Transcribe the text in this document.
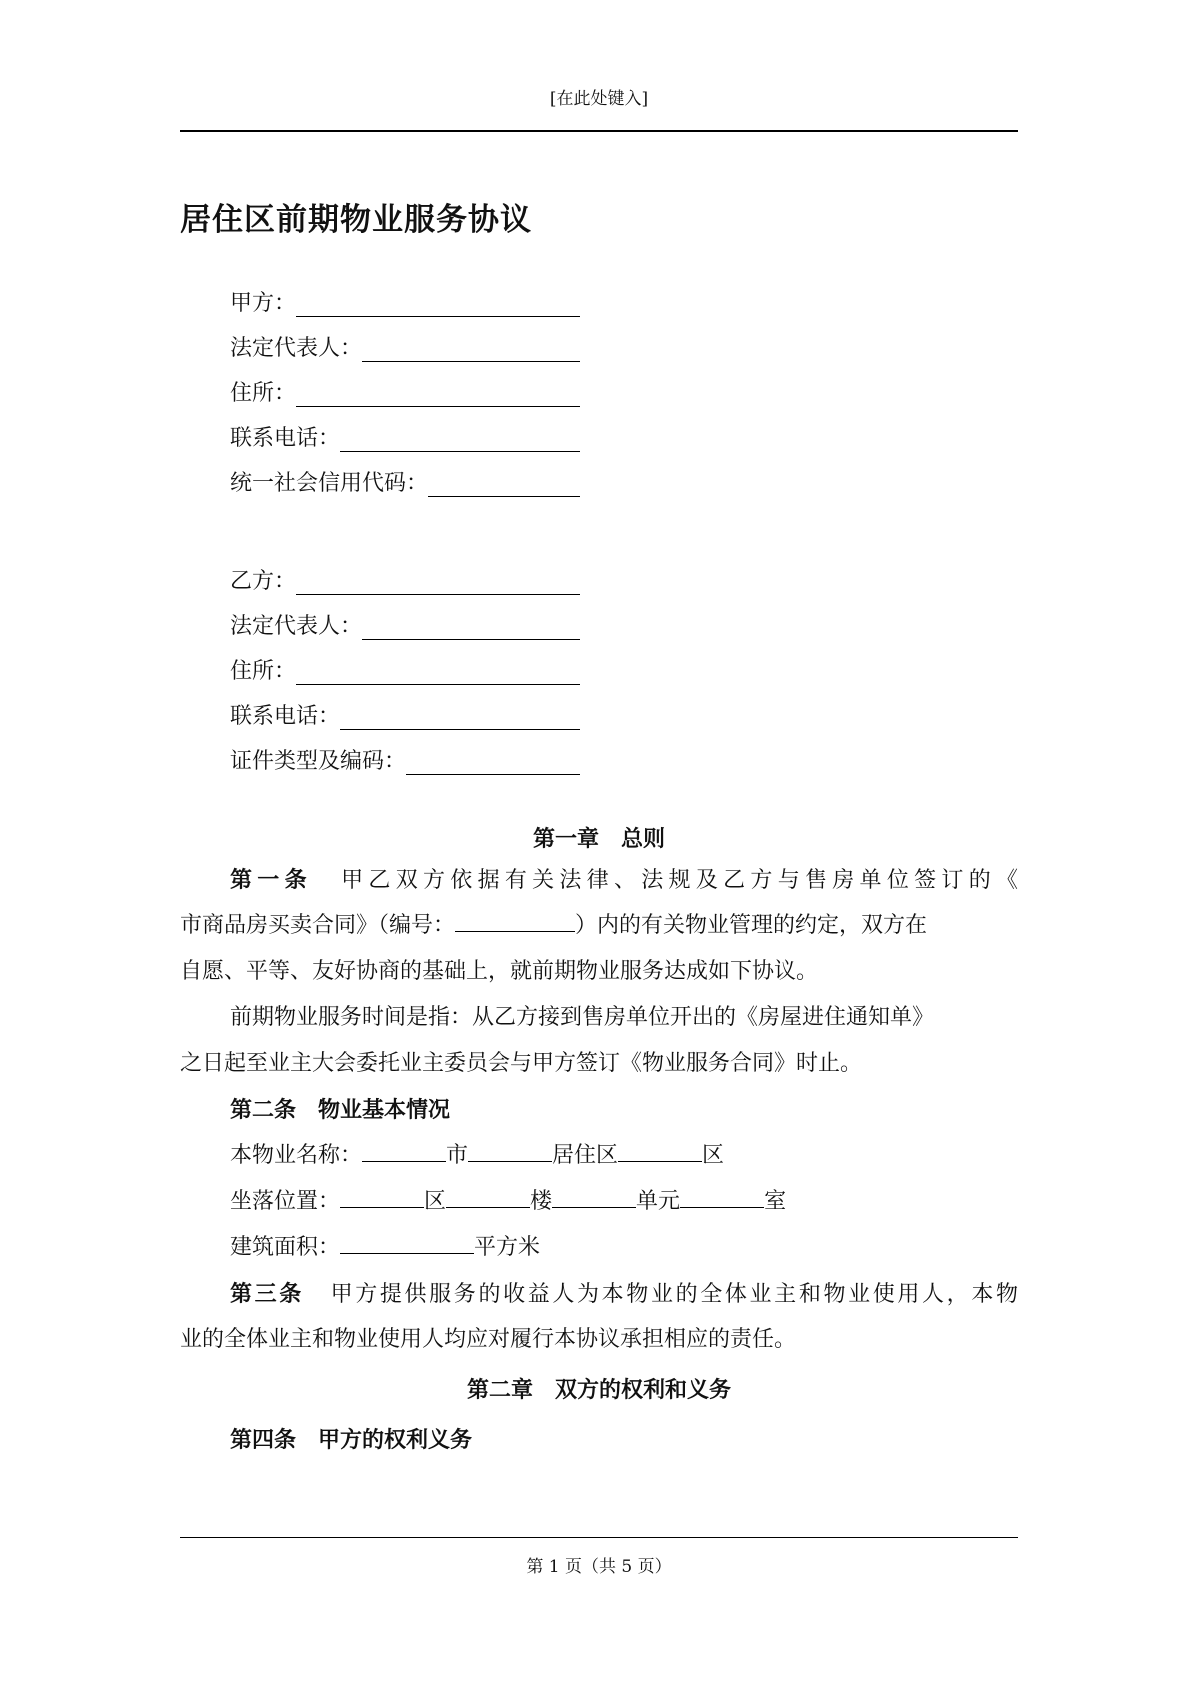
[在此处键入]
居住区前期物业服务协议
甲方：
法定代表人：
住所：
联系电话：
统一社会信用代码：
乙方：
法定代表人：
住所：
联系电话：
证件类型及编码：
第一章　总则
第一条 甲乙双方依据有关法律、法规及乙方与售房单位签订的《
市商品房买卖合同》（编号：	）内的有关物业管理的约定，双方在
自愿、平等、友好协商的基础上，就前期物业服务达成如下协议。
前期物业服务时间是指：从乙方接到售房单位开出的《房屋进住通知单》
之日起至业主大会委托业主委员会与甲方签订《物业服务合同》时止。
第二条　物业基本情况
本物业名称：	市	居住区	区
坐落位置：	区	楼	单元	室
建筑面积：	平方米
第三条 甲方提供服务的收益人为本物业的全体业主和物业使用人，本物
业的全体业主和物业使用人均应对履行本协议承担相应的责任。
第二章　双方的权利和义务
第四条　甲方的权利义务
第 1 页（共 5 页）
